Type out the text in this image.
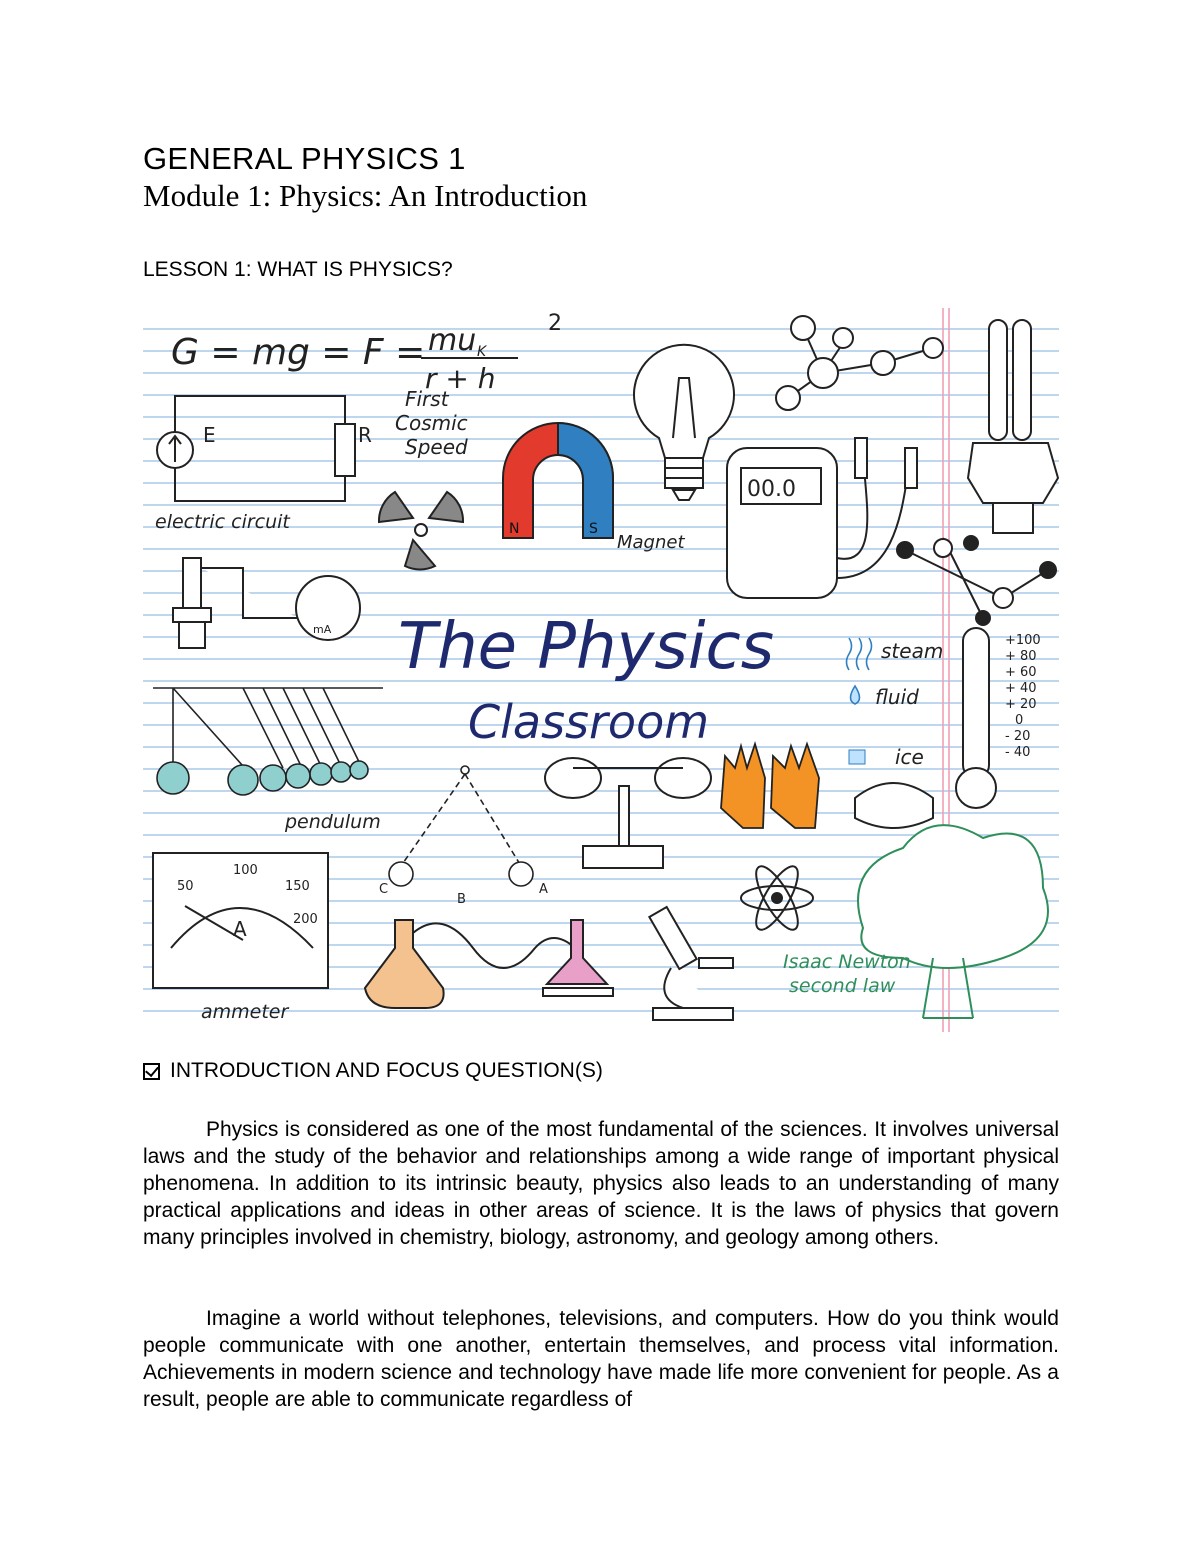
GENERAL PHYSICS 1
Module 1: Physics: An Introduction
LESSON 1: WHAT IS PHYSICS?
G = mg = F = mu K
2
r + h
E	R
electric circuit
First
Cosmic
Speed
N	S
Magnet
00.0
mA The Physics
Classroom
steam
fluid
ice
+100
+ 80
+ 60
+ 40
+ 20
0
- 20
- 40
pendulum
C
B
A
50
100
150
200
A
ammeter
Isaac Newton
second law
INTRODUCTION AND FOCUS QUESTION(S)

Physics is considered as one of the most fundamental of the sciences. It involves universal laws and the study of the behavior and relationships among a wide range of important physical phenomena. In addition to its intrinsic beauty, physics also leads to an understanding of many practical applications and ideas in other areas of science. It is the laws of physics that govern many principles involved in chemistry, biology, astronomy, and geology among others.

Imagine a world without telephones, televisions, and computers. How do you think would people communicate with one another, entertain themselves, and process vital information. Achievements in modern science and technology have made life more convenient for people. As a result, people are able to communicate regardless of
